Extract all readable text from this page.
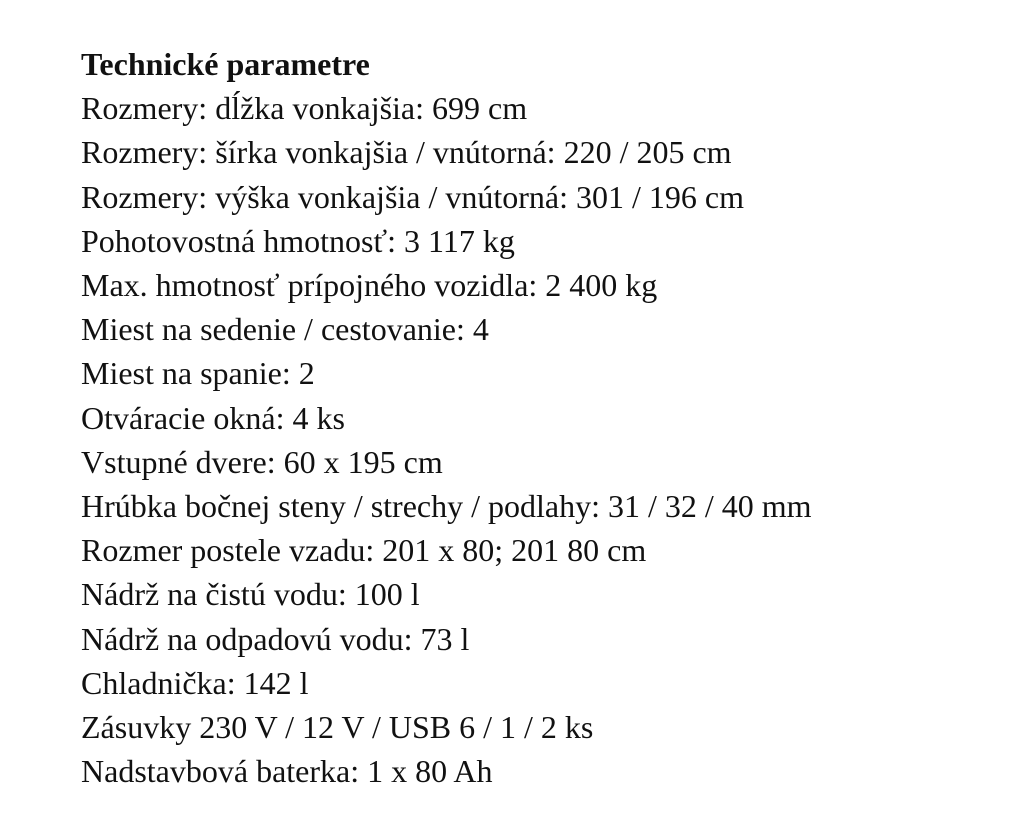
Technické parametre
Rozmery: dĺžka vonkajšia: 699 cm
Rozmery: šírka vonkajšia / vnútorná: 220 / 205 cm
Rozmery: výška vonkajšia / vnútorná: 301 / 196 cm
Pohotovostná hmotnosť: 3 117 kg
Max. hmotnosť prípojného vozidla: 2 400 kg
Miest na sedenie / cestovanie: 4
Miest na spanie: 2
Otváracie okná: 4 ks
Vstupné dvere: 60 x 195 cm
Hrúbka bočnej steny / strechy / podlahy: 31 / 32 / 40 mm
Rozmer postele vzadu: 201 x 80; 201 80 cm
Nádrž na čistú vodu: 100 l
Nádrž na odpadovú vodu: 73 l
Chladnička: 142 l
Zásuvky 230 V / 12 V / USB 6 / 1 / 2 ks
Nadstavbová baterka: 1 x 80 Ah
